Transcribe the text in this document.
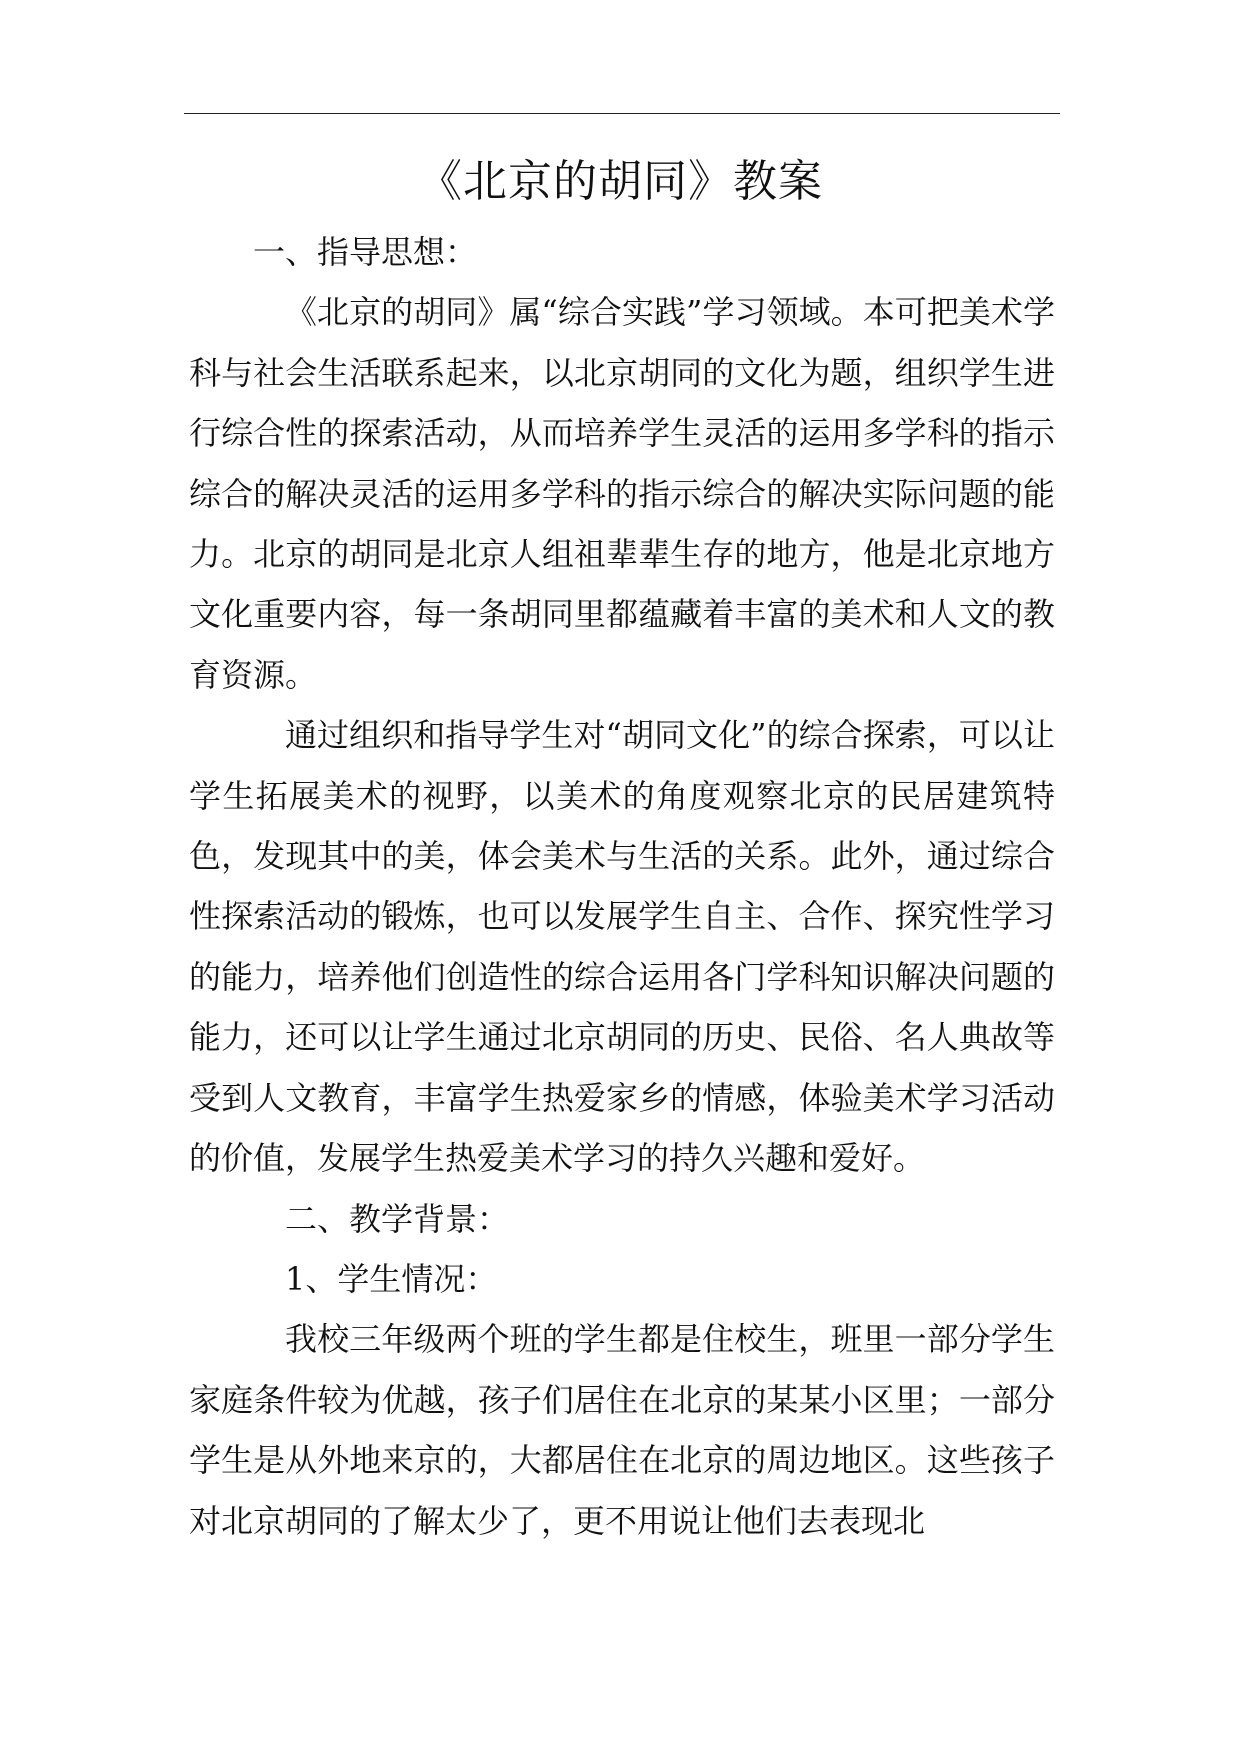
《北京的胡同》教案

一、指导思想：

《北京的胡同》属“综合实践”学习领域。本可把美术学科与社会生活联系起来，以北京胡同的文化为题，组织学生进行综合性的探索活动，从而培养学生灵活的运用多学科的指示综合的解决灵活的运用多学科的指示综合的解决实际问题的能力。北京的胡同是北京人组祖辈辈生存的地方，他是北京地方文化重要内容，每一条胡同里都蕴藏着丰富的美术和人文的教育资源。

通过组织和指导学生对“胡同文化”的综合探索，可以让学生拓展美术的视野，以美术的角度观察北京的民居建筑特色，发现其中的美，体会美术与生活的关系。此外，通过综合性探索活动的锻炼，也可以发展学生自主、合作、探究性学习的能力，培养他们创造性的综合运用各门学科知识解决问题的能力，还可以让学生通过北京胡同的历史、民俗、名人典故等受到人文教育，丰富学生热爱家乡的情感，体验美术学习活动的价值，发展学生热爱美术学习的持久兴趣和爱好。

二、教学背景：

1、学生情况：

我校三年级两个班的学生都是住校生，班里一部分学生家庭条件较为优越，孩子们居住在北京的某某小区里；一部分学生是从外地来京的，大都居住在北京的周边地区。这些孩子对北京胡同的了解太少了，更不用说让他们去表现北
